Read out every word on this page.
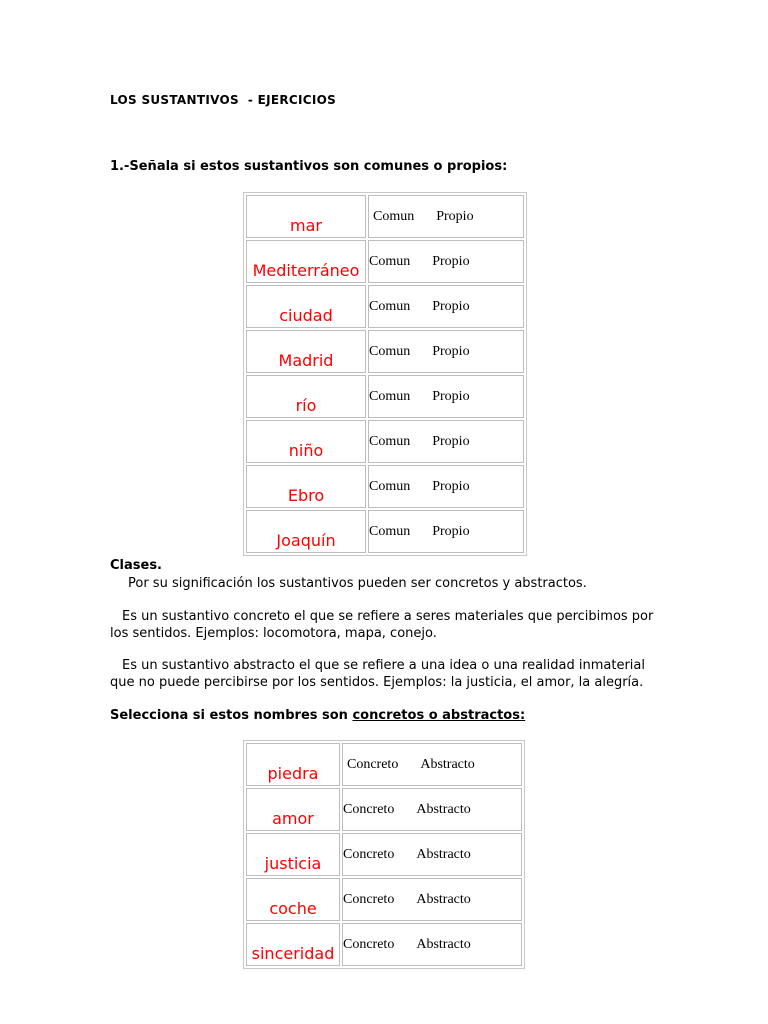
LOS SUSTANTIVOS  - EJERCICIOS
1.-Señala si estos sustantivos son comunes o propios:
mar	Comun Propio

Mediterráneo	Comun Propio

ciudad	Comun Propio

Madrid	Comun Propio

río	Comun Propio

niño	Comun Propio

Ebro	Comun Propio

Joaquín	Comun Propio
Clases.
Por su significación los sustantivos pueden ser concretos y abstractos.
Es un sustantivo concreto el que se refiere a seres materiales que percibimos por los sentidos. Ejemplos: locomotora, mapa, conejo.
Es un sustantivo abstracto el que se refiere a una idea o una realidad inmaterial que no puede percibirse por los sentidos. Ejemplos: la justicia, el amor, la alegría.
Selecciona si estos nombres son concretos o abstractos:
piedra	Concreto Abstracto

amor	Concreto Abstracto

justicia	Concreto Abstracto

coche	Concreto Abstracto

sinceridad	Concreto Abstracto
